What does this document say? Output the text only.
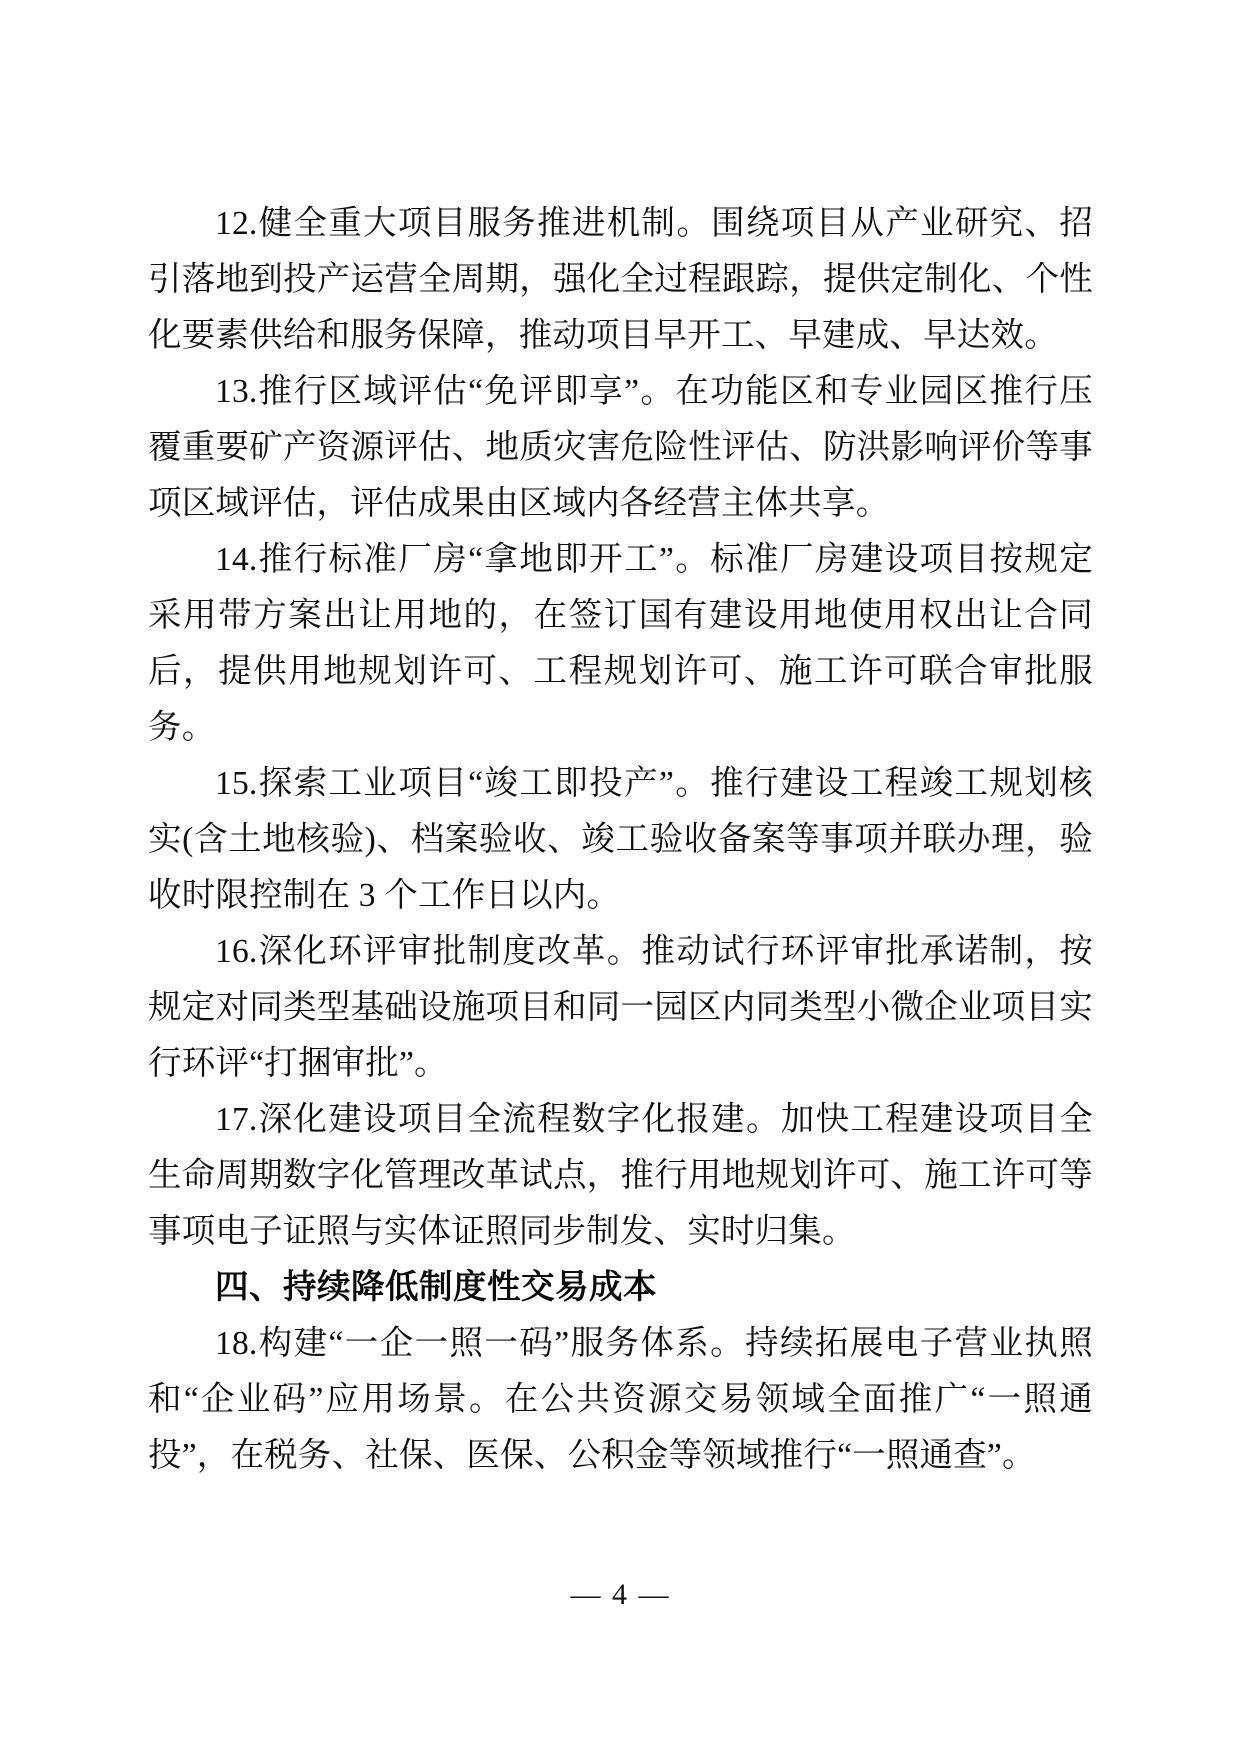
12.健全重大项目服务推进机制。围绕项目从产业研究、招引落地到投产运营全周期，强化全过程跟踪，提供定制化、个性化要素供给和服务保障，推动项目早开工、早建成、早达效。

13.推行区域评估“免评即享”。在功能区和专业园区推行压覆重要矿产资源评估、地质灾害危险性评估、防洪影响评价等事项区域评估，评估成果由区域内各经营主体共享。

14.推行标准厂房“拿地即开工”。标准厂房建设项目按规定采用带方案出让用地的，在签订国有建设用地使用权出让合同后，提供用地规划许可、工程规划许可、施工许可联合审批服务。

15.探索工业项目“竣工即投产”。推行建设工程竣工规划核实(含土地核验)、档案验收、竣工验收备案等事项并联办理，验收时限控制在 3 个工作日以内。

16.深化环评审批制度改革。推动试行环评审批承诺制，按规定对同类型基础设施项目和同一园区内同类型小微企业项目实行环评“打捆审批”。

17.深化建设项目全流程数字化报建。加快工程建设项目全生命周期数字化管理改革试点，推行用地规划许可、施工许可等事项电子证照与实体证照同步制发、实时归集。

四、持续降低制度性交易成本

18.构建“一企一照一码”服务体系。持续拓展电子营业执照和“企业码”应用场景。在公共资源交易领域全面推广“一照通投”，在税务、社保、医保、公积金等领域推行“一照通查”。

— 4 —
